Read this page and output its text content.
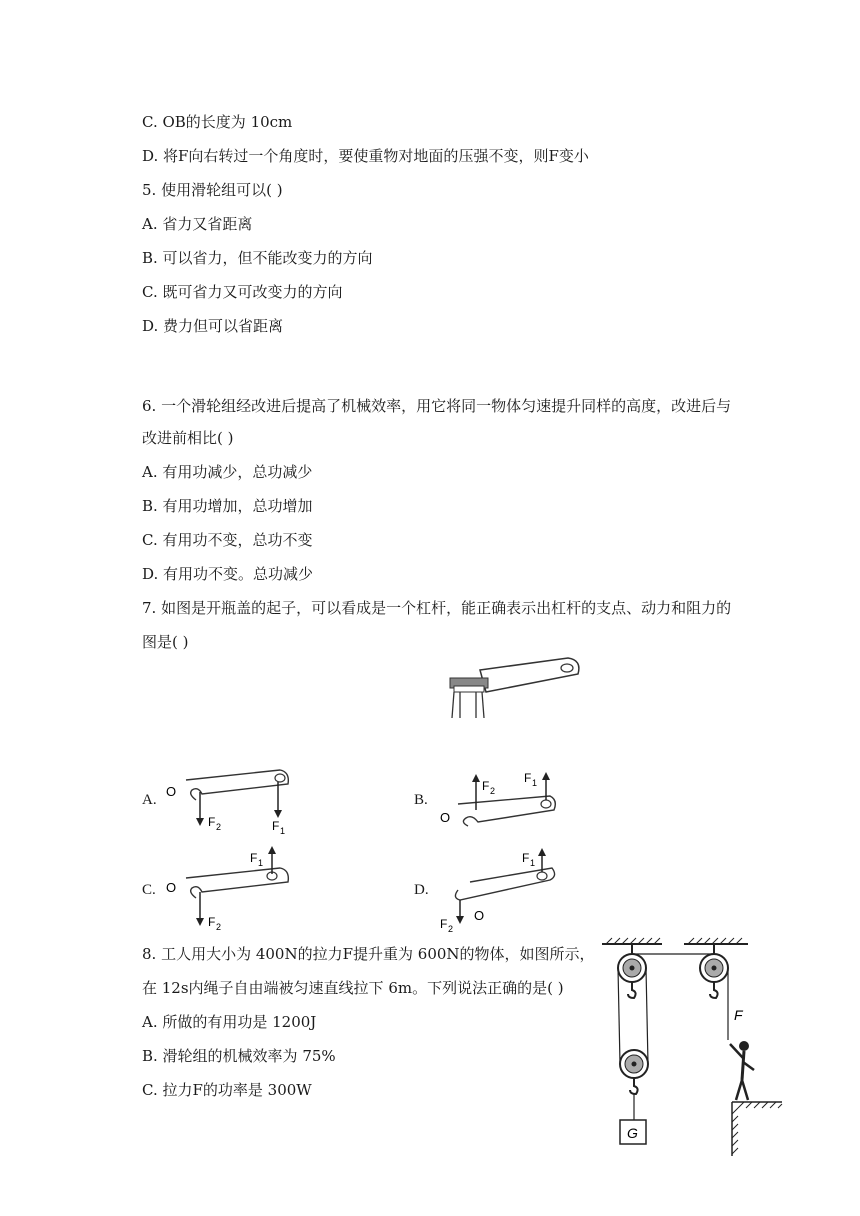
C. OB的长度为 10cm
D. 将F向右转过一个角度时，要使重物对地面的压强不变，则F变小
5. 使用滑轮组可以( )
A. 省力又省距离
B. 可以省力，但不能改变力的方向
C. 既可省力又可改变力的方向
D. 费力但可以省距离
6. 一个滑轮组经改进后提高了机械效率，用它将同一物体匀速提升同样的高度，改进后与
改进前相比( )
A. 有用功减少，总功减少
B. 有用功增加，总功增加
C. 有用功不变，总功不变
D. 有用功不变。总功减少
7. 如图是开瓶盖的起子，可以看成是一个杠杆，能正确表示出杠杆的支点、动力和阻力的
图是( )
8. 工人用大小为 400N的拉力F提升重为 600N的物体，如图所示，
在 12s内绳子自由端被匀速直线拉下 6m。下列说法正确的是( )
A. 所做的有用功是 1200J
B. 滑轮组的机械效率为 75%
C. 拉力F的功率是 300W
A.
O
F 2	F 1
B.
O
F 2
F 1
C. O
F 1
F 2
D.
F 1
F 2
O
G
F
